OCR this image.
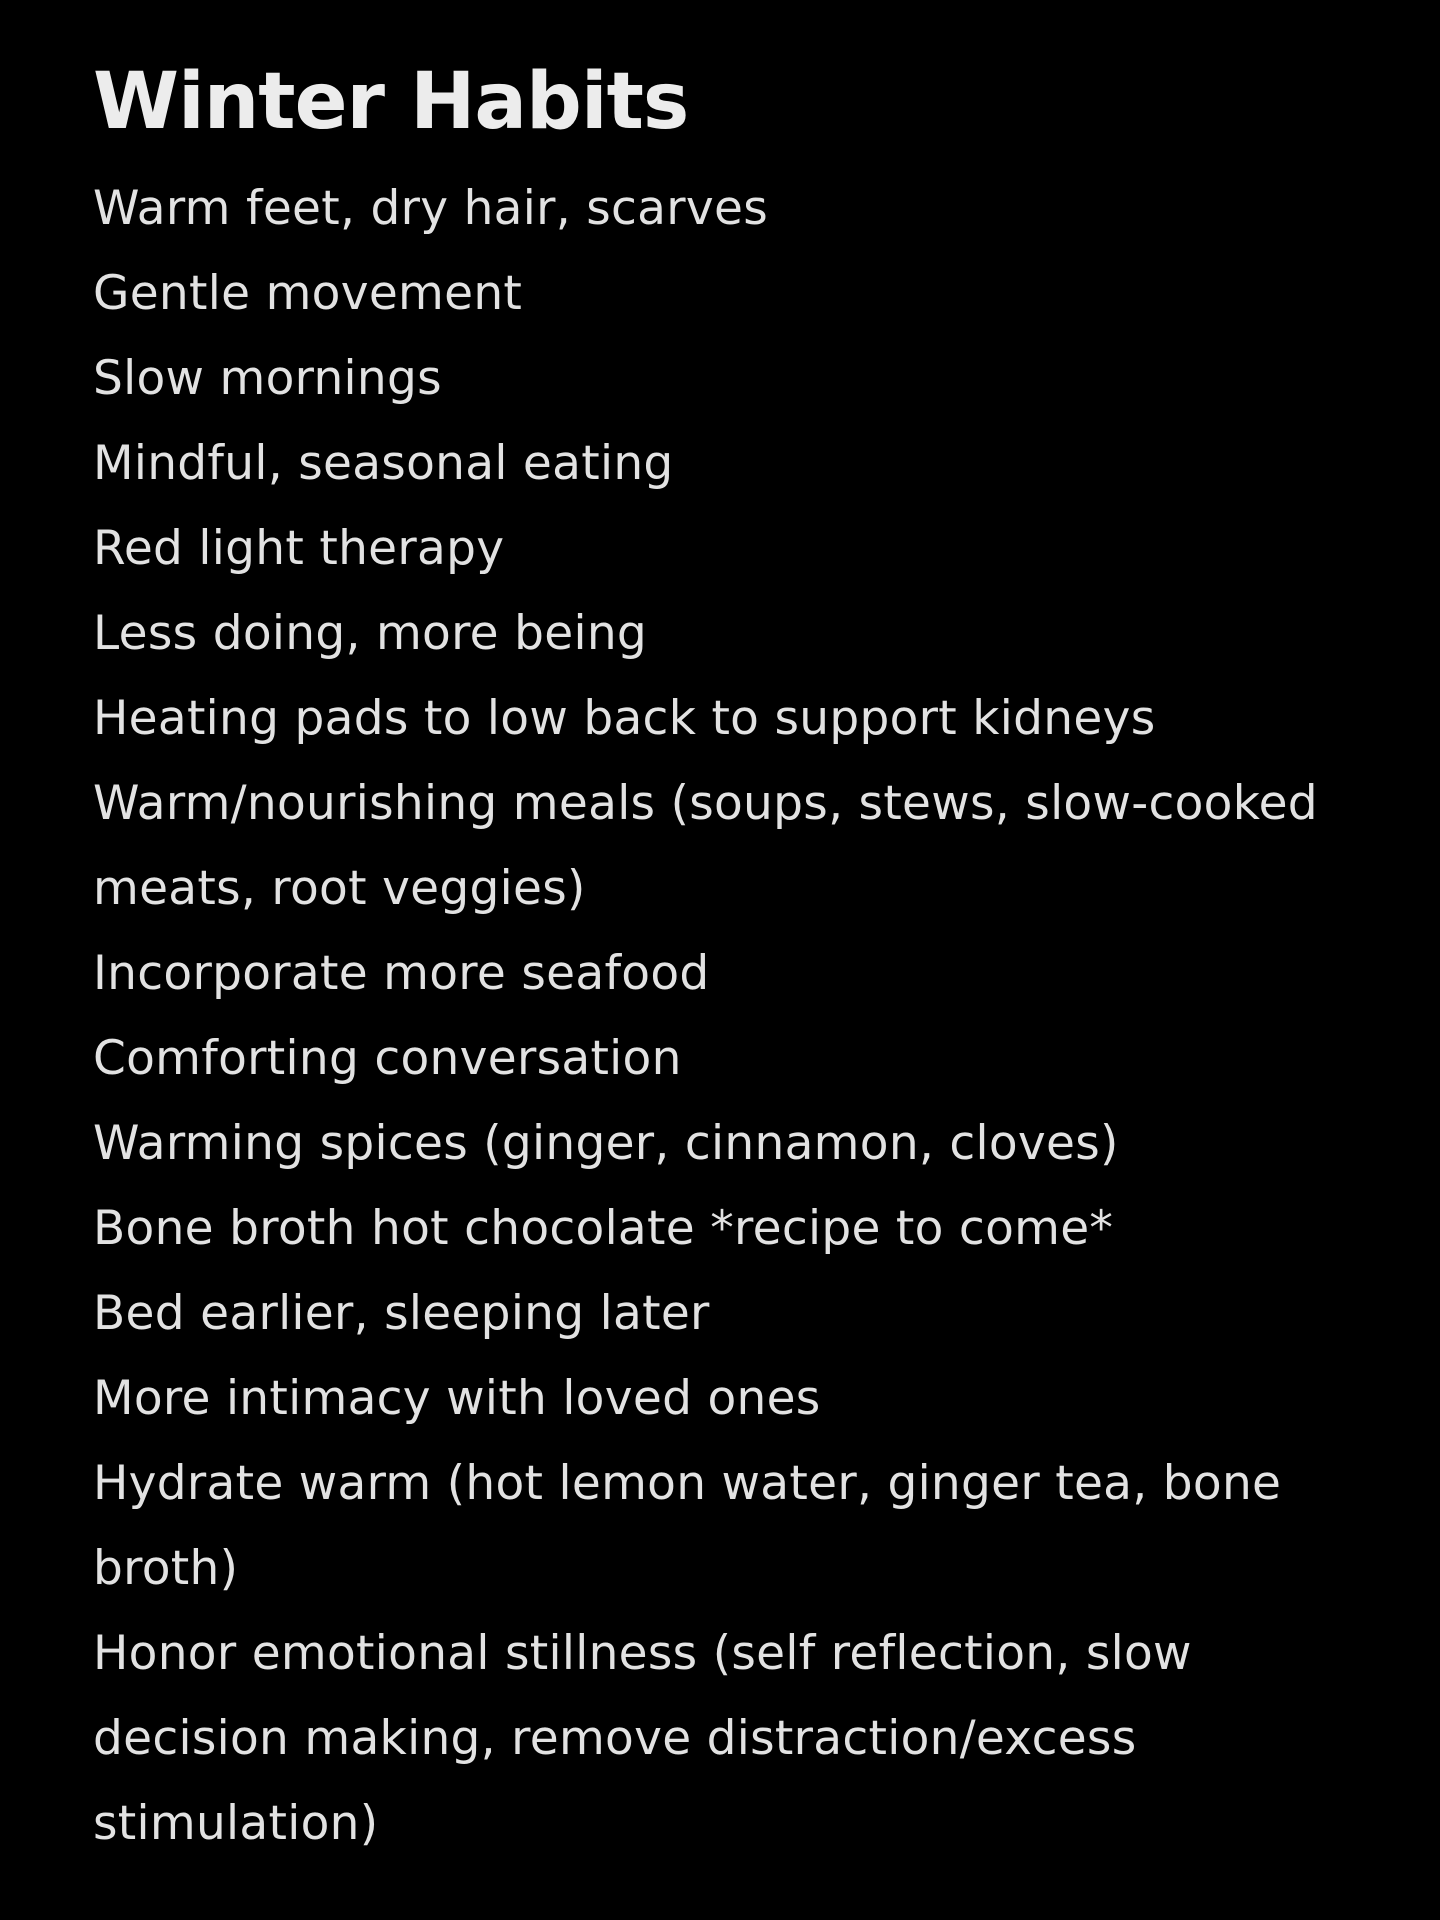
Winter Habits
Warm feet, dry hair, scarves
Gentle movement
Slow mornings
Mindful, seasonal eating
Red light therapy
Less doing, more being
Heating pads to low back to support kidneys
Warm/nourishing meals (soups, stews, slow-cooked meats, root veggies)
Incorporate more seafood
Comforting conversation
Warming spices (ginger, cinnamon, cloves)
Bone broth hot chocolate *recipe to come*
Bed earlier, sleeping later
More intimacy with loved ones
Hydrate warm (hot lemon water, ginger tea, bone broth)
Honor emotional stillness (self reflection, slow decision making, remove distraction/excess stimulation)
